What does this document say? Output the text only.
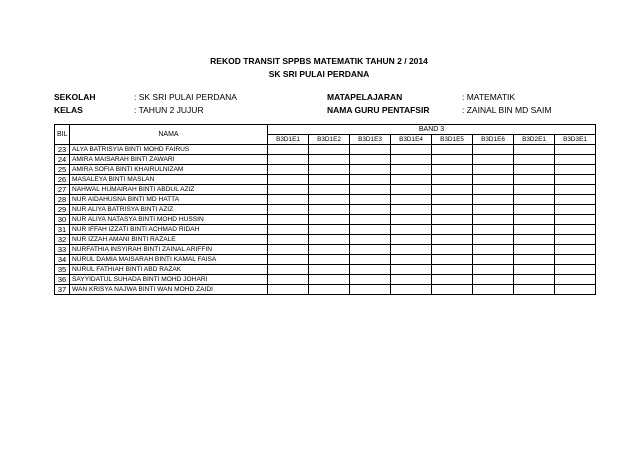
REKOD TRANSIT SPPBS MATEMATIK TAHUN 2 / 2014
SK SRI PULAI PERDANA
SEKOLAH	: SK SRI PULAI PERDANA
KELAS	: TAHUN 2 JUJUR
MATAPELAJARAN	: MATEMATIK
NAMA GURU PENTAFSIR	: ZAINAL BIN MD SAIM
BIL	NAMA	BAND 3							
		B3D1E1	B3D1E2	B3D1E3	B3D1E4	B3D1E5	B3D1E6	B3D2E1	B3D3E1
23	ALYA BATRISYIA BINTI MOHD FAIRUS								
24	AMIRA MAISARAH BINTI ZAWARI								
25	AMIRA SOFIA BINTI KHAIRULNIZAM								
26	MASALEYA BINTI MASLAN								
27	NAHWAL HUMAIRAH BINTI ABDUL AZIZ								
28	NUR AIDAHUSNA BINTI MD HATTA								
29	NUR ALIYA BATRISYA BINTI AZIZ								
30	NUR ALIYA NATASYA BINTI MOHD HUSSIN								
31	NUR IFFAH IZZATI BINTI ACHMAD RIDAH								
32	NUR IZZAH AMANI BINTI RAZALE								
33	NURFATHIA INSYIRAH BINTI ZAINAL ARIFFIN								
34	NURUL DAMIA MAISARAH BINTI KAMAL FAISA								
35	NURUL FATHIAH BINTI ABD RAZAK								
36	SAYYIDATUL SUHADA BINTI MOHD JOHARI								
37	WAN KRISYA NAJWA BINTI WAN MOHD ZAIDI								
